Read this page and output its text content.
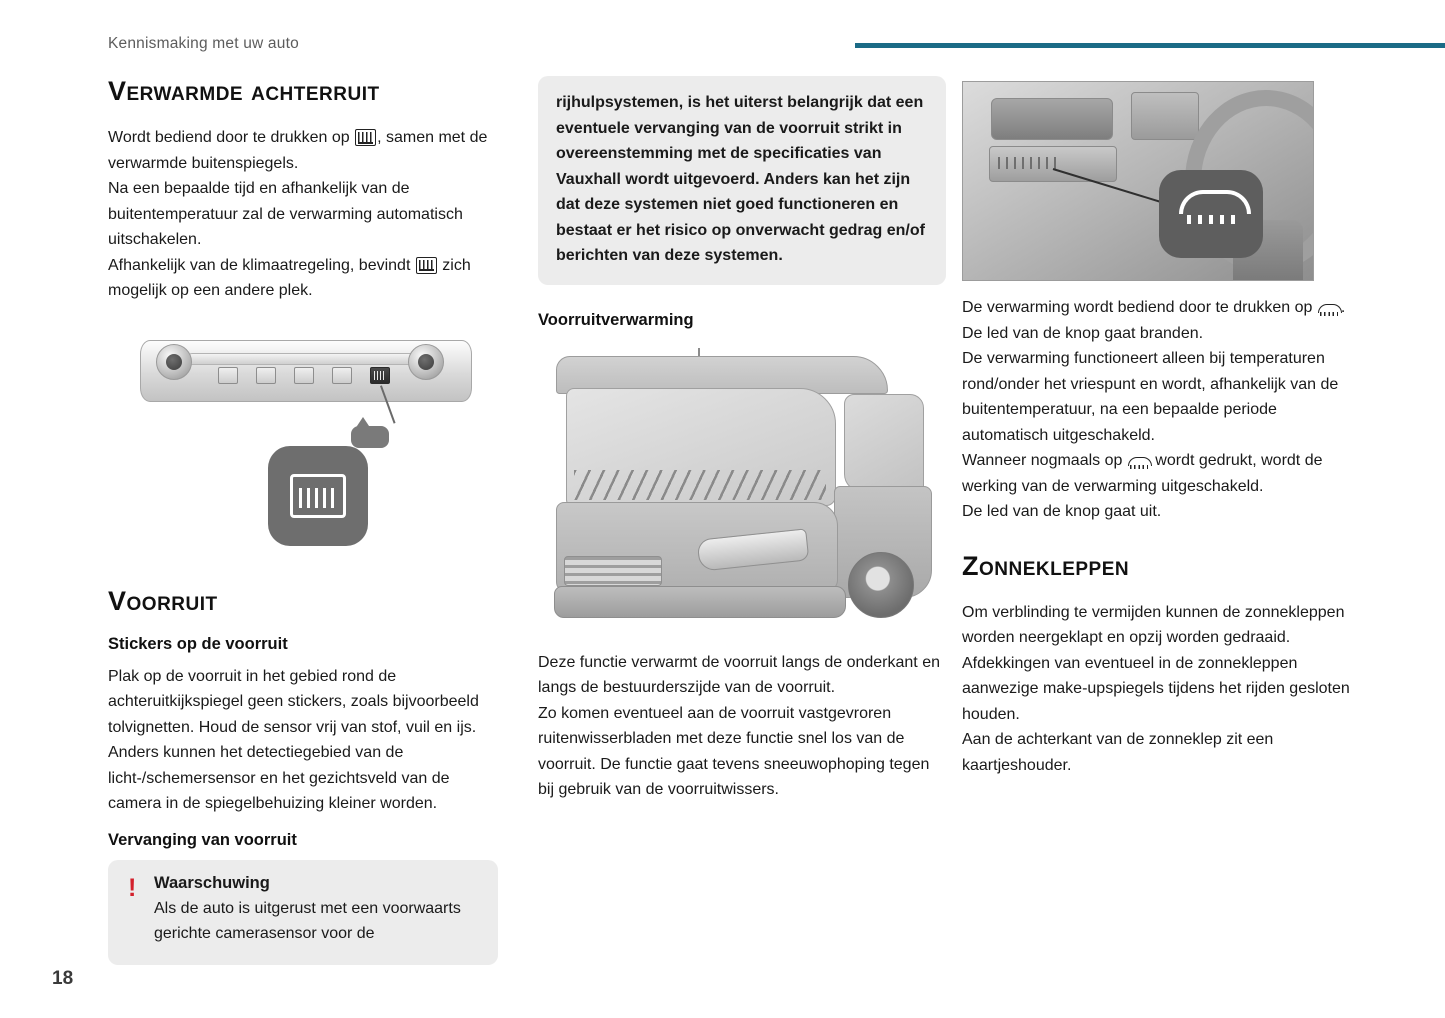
Kennismaking met uw auto
Verwarmde achterruit

Wordt bediend door te drukken op , samen met de verwarmde buitenspiegels.

Na een bepaalde tijd en afhankelijk van de buitentemperatuur zal de verwarming automatisch uitschakelen.

Afhankelijk van de klimaatregeling, bevindt  zich mogelijk op een andere plek.

Voorruit
Stickers op de voorruit

Plak op de voorruit in het gebied rond de achteruitkijkspiegel geen stickers, zoals bijvoorbeeld tolvignetten. Houd de sensor vrij van stof, vuil en ijs. Anders kunnen het detectiegebied van de licht-/schemersensor en het gezichtsveld van de camera in de spiegelbehuizing kleiner worden.

Vervanging van voorruit
! Waarschuwing

Als de auto is uitgerust met een voorwaarts gerichte camerasensor voor de

rijhulpsystemen, is het uiterst belangrijk dat een eventuele vervanging van de voorruit strikt in overeenstemming met de specificaties van Vauxhall wordt uitgevoerd. Anders kan het zijn dat deze systemen niet goed functioneren en bestaat er het risico op onverwacht gedrag en/of berichten van deze systemen.

Voorruitverwarming

Deze functie verwarmt de voorruit langs de onderkant en langs de bestuurderszijde van de voorruit.

Zo komen eventueel aan de voorruit vastgevroren ruitenwisserbladen met deze functie snel los van de voorruit. De functie gaat tevens sneeuwophoping tegen bij gebruik van de voorruitwissers.

De verwarming wordt bediend door te drukken op .

De led van de knop gaat branden.

De verwarming functioneert alleen bij temperaturen rond/onder het vriespunt en wordt, afhankelijk van de buitentemperatuur, na een bepaalde periode automatisch uitgeschakeld.

Wanneer nogmaals op  wordt gedrukt, wordt de werking van de verwarming uitgeschakeld.

De led van de knop gaat uit.

Zonnekleppen

Om verblinding te vermijden kunnen de zonnekleppen worden neergeklapt en opzij worden gedraaid.

Afdekkingen van eventueel in de zonnekleppen aanwezige make-upspiegels tijdens het rijden gesloten houden.

Aan de achterkant van de zonneklep zit een kaartjeshouder.

18
